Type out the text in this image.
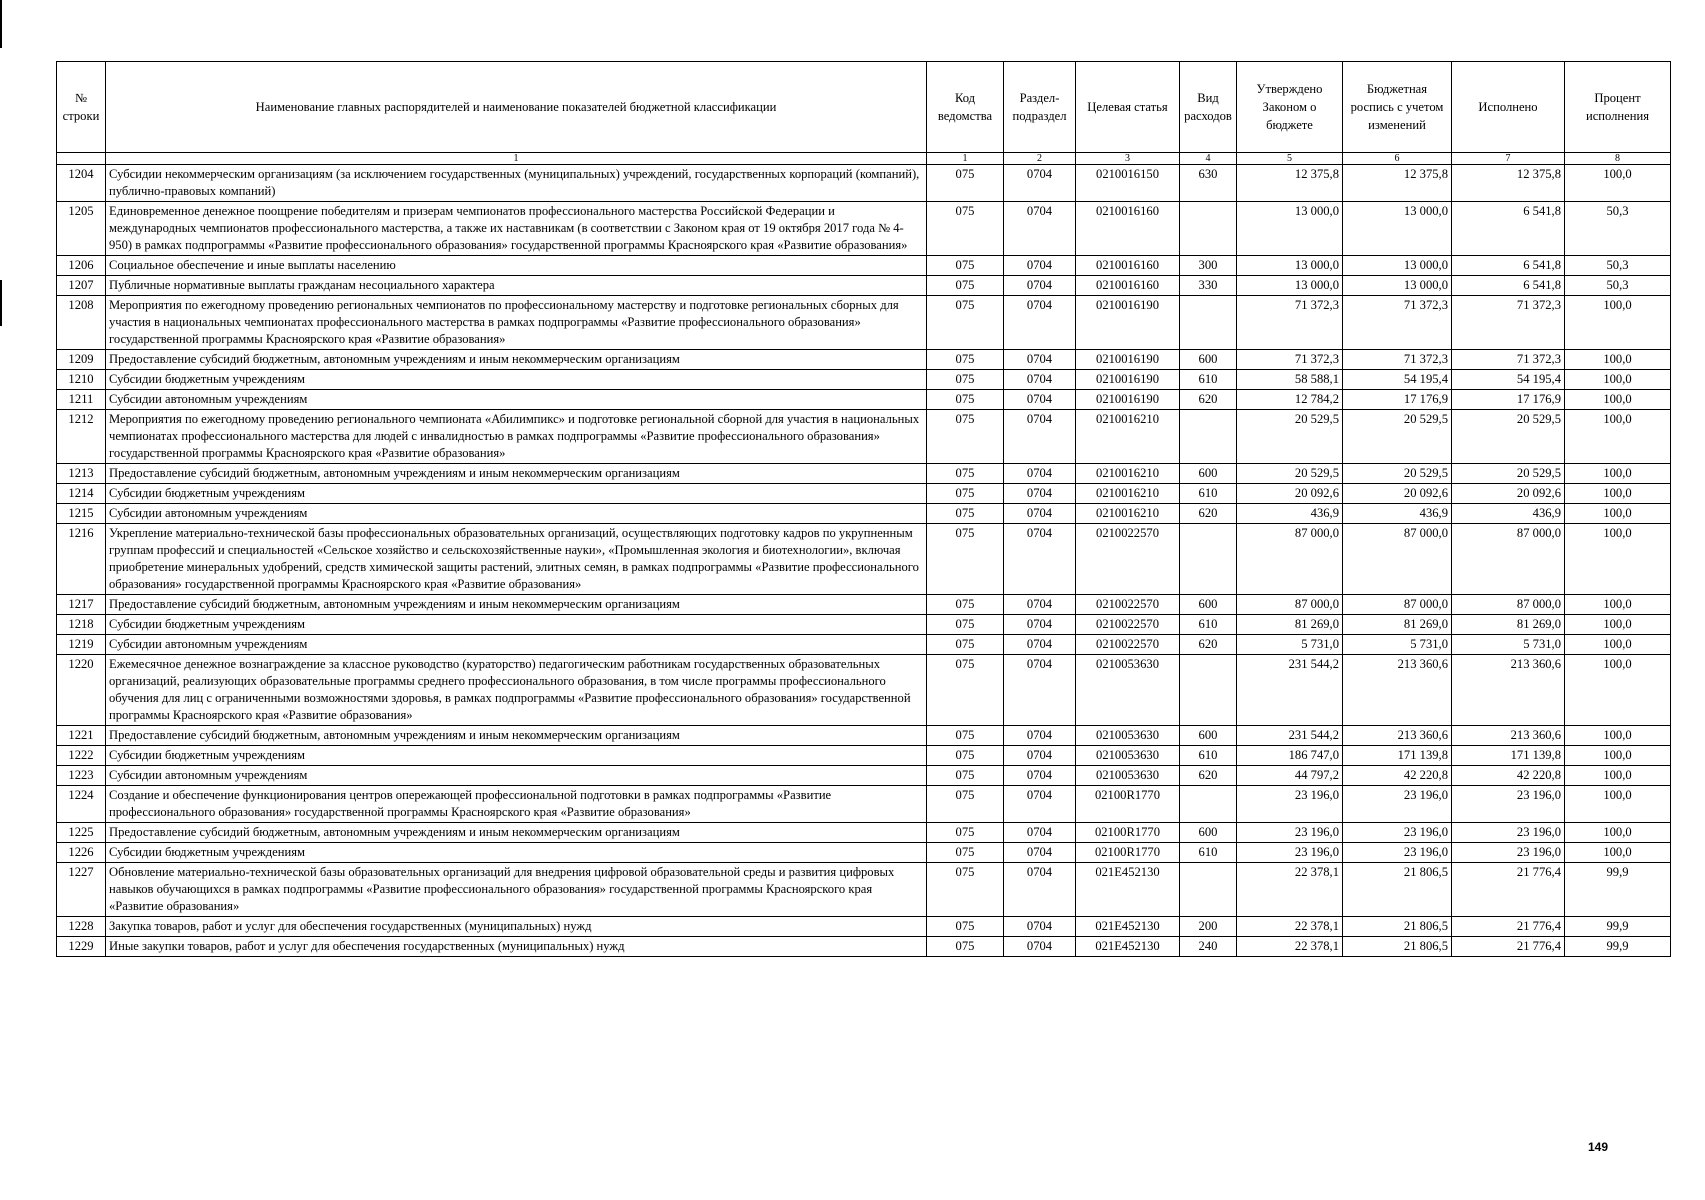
№ строки	Наименование главных распорядителей и наименование показателей бюджетной классификации	Код ведомства	Раздел-подраздел	Целевая статья	Вид расходов	Утверждено Законом о бюджете	Бюджетная роспись с учетом изменений	Исполнено	Процент исполнения
	1	1	2	3	4	5	6	7	8
1204	Субсидии некоммерческим организациям (за исключением государственных (муниципальных) учреждений, государственных корпораций (компаний), публично-правовых компаний)	075	0704	0210016150	630	12 375,8	12 375,8	12 375,8	100,0
1205	Единовременное денежное поощрение победителям и призерам чемпионатов профессионального мастерства Российской Федерации и международных чемпионатов профессионального мастерства, а также их наставникам (в соответствии с Законом края от 19 октября 2017 года № 4-950) в рамках подпрограммы «Развитие профессионального образования» государственной программы Красноярского края «Развитие образования»	075	0704	0210016160		13 000,0	13 000,0	6 541,8	50,3
1206	Социальное обеспечение и иные выплаты населению	075	0704	0210016160	300	13 000,0	13 000,0	6 541,8	50,3
1207	Публичные нормативные выплаты гражданам несоциального характера	075	0704	0210016160	330	13 000,0	13 000,0	6 541,8	50,3
1208	Мероприятия по ежегодному проведению региональных чемпионатов по профессиональному мастерству и подготовке региональных сборных для участия в национальных чемпионатах профессионального мастерства в рамках подпрограммы «Развитие профессионального образования» государственной программы Красноярского края «Развитие образования»	075	0704	0210016190		71 372,3	71 372,3	71 372,3	100,0
1209	Предоставление субсидий бюджетным, автономным учреждениям и иным некоммерческим организациям	075	0704	0210016190	600	71 372,3	71 372,3	71 372,3	100,0
1210	Субсидии бюджетным учреждениям	075	0704	0210016190	610	58 588,1	54 195,4	54 195,4	100,0
1211	Субсидии автономным учреждениям	075	0704	0210016190	620	12 784,2	17 176,9	17 176,9	100,0
1212	Мероприятия по ежегодному проведению регионального чемпионата «Абилимпикс» и подготовке региональной сборной для участия в национальных чемпионатах профессионального мастерства для людей с инвалидностью в рамках подпрограммы «Развитие профессионального образования» государственной программы Красноярского края «Развитие образования»	075	0704	0210016210		20 529,5	20 529,5	20 529,5	100,0
1213	Предоставление субсидий бюджетным, автономным учреждениям и иным некоммерческим организациям	075	0704	0210016210	600	20 529,5	20 529,5	20 529,5	100,0
1214	Субсидии бюджетным учреждениям	075	0704	0210016210	610	20 092,6	20 092,6	20 092,6	100,0
1215	Субсидии автономным учреждениям	075	0704	0210016210	620	436,9	436,9	436,9	100,0
1216	Укрепление материально-технической базы профессиональных образовательных организаций, осуществляющих подготовку кадров по укрупненным группам профессий и специальностей «Сельское хозяйство и сельскохозяйственные науки», «Промышленная экология и биотехнологии», включая приобретение минеральных удобрений, средств химической защиты растений, элитных семян, в рамках подпрограммы «Развитие профессионального образования» государственной программы Красноярского края «Развитие образования»	075	0704	0210022570		87 000,0	87 000,0	87 000,0	100,0
1217	Предоставление субсидий бюджетным, автономным учреждениям и иным некоммерческим организациям	075	0704	0210022570	600	87 000,0	87 000,0	87 000,0	100,0
1218	Субсидии бюджетным учреждениям	075	0704	0210022570	610	81 269,0	81 269,0	81 269,0	100,0
1219	Субсидии автономным учреждениям	075	0704	0210022570	620	5 731,0	5 731,0	5 731,0	100,0
1220	Ежемесячное денежное вознаграждение за классное руководство (кураторство) педагогическим работникам государственных образовательных организаций, реализующих образовательные программы среднего профессионального образования, в том числе программы профессионального обучения для лиц с ограниченными возможностями здоровья, в рамках подпрограммы «Развитие профессионального образования» государственной программы Красноярского края «Развитие образования»	075	0704	0210053630		231 544,2	213 360,6	213 360,6	100,0
1221	Предоставление субсидий бюджетным, автономным учреждениям и иным некоммерческим организациям	075	0704	0210053630	600	231 544,2	213 360,6	213 360,6	100,0
1222	Субсидии бюджетным учреждениям	075	0704	0210053630	610	186 747,0	171 139,8	171 139,8	100,0
1223	Субсидии автономным учреждениям	075	0704	0210053630	620	44 797,2	42 220,8	42 220,8	100,0
1224	Создание и обеспечение функционирования центров опережающей профессиональной подготовки в рамках подпрограммы «Развитие профессионального образования» государственной программы Красноярского края «Развитие образования»	075	0704	02100R1770		23 196,0	23 196,0	23 196,0	100,0
1225	Предоставление субсидий бюджетным, автономным учреждениям и иным некоммерческим организациям	075	0704	02100R1770	600	23 196,0	23 196,0	23 196,0	100,0
1226	Субсидии бюджетным учреждениям	075	0704	02100R1770	610	23 196,0	23 196,0	23 196,0	100,0
1227	Обновление материально-технической базы образовательных организаций для внедрения цифровой образовательной среды и развития цифровых навыков обучающихся в рамках подпрограммы «Развитие профессионального образования» государственной программы Красноярского края «Развитие образования»	075	0704	021E452130		22 378,1	21 806,5	21 776,4	99,9
1228	Закупка товаров, работ и услуг для обеспечения государственных (муниципальных) нужд	075	0704	021E452130	200	22 378,1	21 806,5	21 776,4	99,9
1229	Иные закупки товаров, работ и услуг для обеспечения государственных (муниципальных) нужд	075	0704	021E452130	240	22 378,1	21 806,5	21 776,4	99,9
149
